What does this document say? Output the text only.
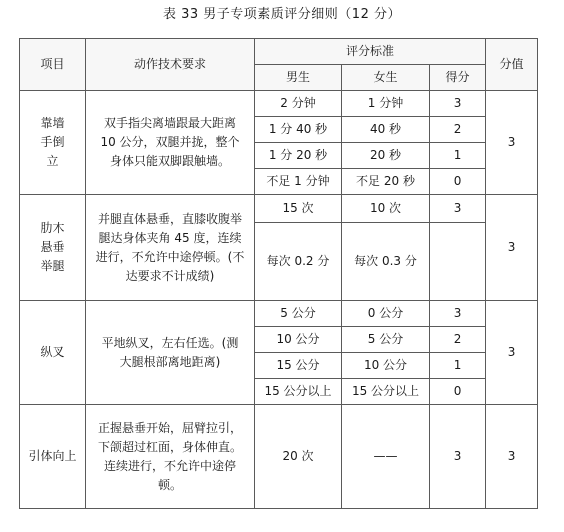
表 33 男子专项素质评分细则（12 分）
项目	动作技术要求	评分标准			分值
		男生	女生	得分	

靠墙
手倒
立	双手指尖离墙跟最大距离
10 公分，双腿并拢，整个
身体只能双脚跟触墙。	2 分钟	1 分钟	3	3
		1 分 40 秒	40 秒	2	
		1 分 20 秒	20 秒	1	
		不足 1 分钟	不足 20 秒	0	

肋木
悬垂
举腿	并腿直体悬垂，直膝收腹举
腿达身体夹角 45 度，连续
进行，不允许中途停顿。(不
达要求不计成绩)	15 次	10 次	3	3
		每次 0.2 分	每次 0.3 分		

纵叉	平地纵叉，左右任选。(测
大腿根部离地距离)	5 公分	0 公分	3	3
		10 公分	5 公分	2	
		15 公分	10 公分	1	
		15 公分以上	15 公分以上	0	

引体向上	正握悬垂开始，屈臂拉引，
下颌超过杠面，身体伸直。
连续进行，不允许中途停
顿。	20 次	——	3	3
